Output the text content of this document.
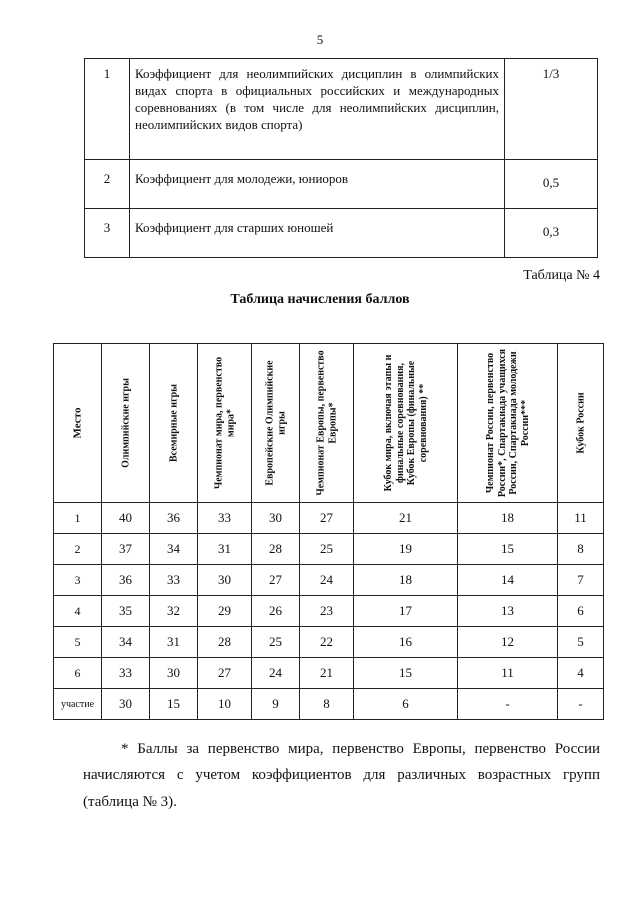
5
1	Коэффициент для неолимпийских дисциплин в олимпийских видах спорта в официальных российских и международных соревнованиях (в том числе для неолимпийских дисциплин, неолимпийских видов спорта)	1/3
2	Коэффициент для молодежи, юниоров	0,5
3	Коэффициент для старших юношей	0,3
Таблица № 4
Таблица начисления баллов
Место	Олимпийские игры	Всемирные игры	Чемпионат мира, первенство мира*	Европейские Олимпийские игры	Чемпионат Европы, первенство Европы*	Кубок мира, включая этапы и финальные соревнования, Кубок Европы (финальные соревнования) **	Чемпионат России, первенство России*, Спартакиада учащихся России, Спартакиада молодежи России***	Кубок России

1	40	36	33	30	27	21	18	11
2	37	34	31	28	25	19	15	8
3	36	33	30	27	24	18	14	7
4	35	32	29	26	23	17	13	6
5	34	31	28	25	22	16	12	5
6	33	30	27	24	21	15	11	4
участие	30	15	10	9	8	6	-	-
* Баллы за первенство мира, первенство Европы, первенство России начисляются с учетом коэффициентов для различных возрастных групп (таблица № 3).
